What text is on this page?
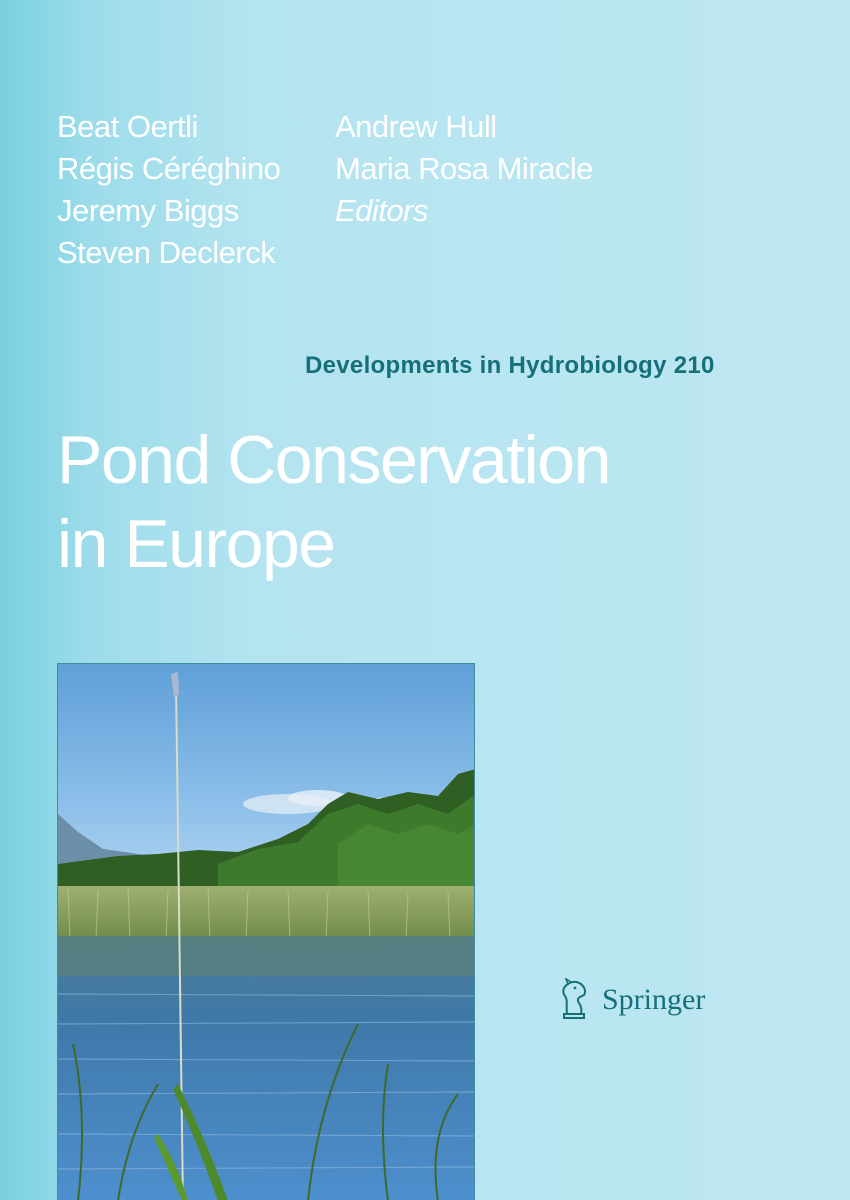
Beat Oertli
Régis Céréghino
Jeremy Biggs
Steven Declerck
Andrew Hull
Maria Rosa Miracle
Editors
Developments in Hydrobiology 210
Pond Conservation
in Europe
Springer
